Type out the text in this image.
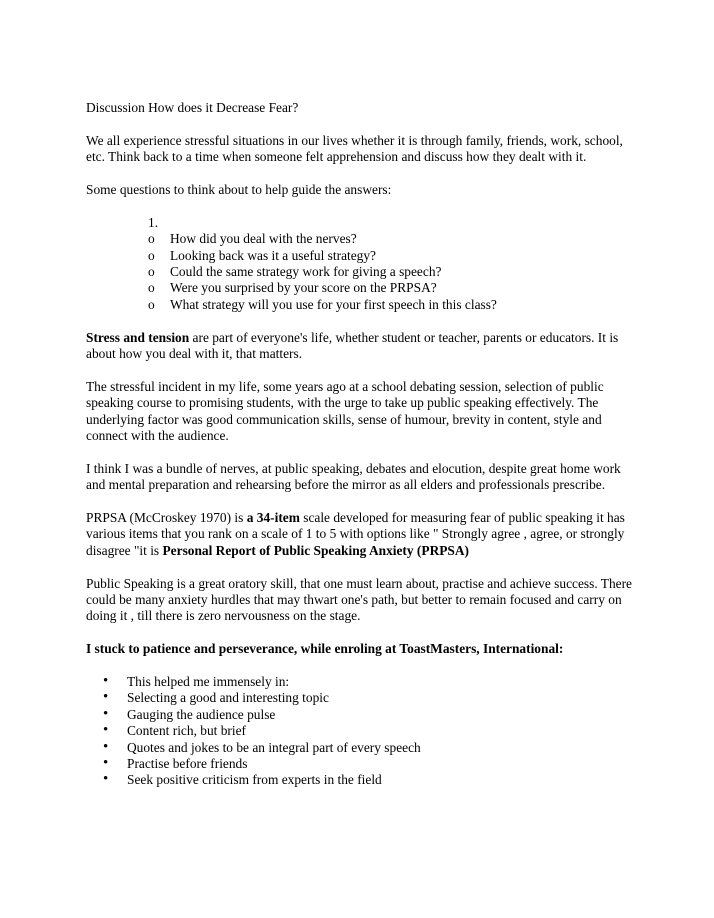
Discussion How does it Decrease Fear?

We all experience stressful situations in our lives whether it is through family, friends, work, school, etc. Think back to a time when someone felt apprehension and discuss how they dealt with it.

Some questions to think about to help guide the answers:

1.
o How did you deal with the nerves?
o Looking back was it a useful strategy?
o Could the same strategy work for giving a speech?
o Were you surprised by your score on the PRPSA?
o What strategy will you use for your first speech in this class?

Stress and tension are part of everyone's life, whether student or teacher, parents or educators. It is about how you deal with it, that matters.

The stressful incident in my life, some years ago at a school debating session, selection of public speaking course to promising students, with the urge to take up public speaking effectively. The underlying factor was good communication skills, sense of humour, brevity in content, style and connect with the audience.

I think I was a bundle of nerves, at public speaking, debates and elocution, despite great home work and mental preparation and rehearsing before the mirror as all elders and professionals prescribe.

PRPSA (McCroskey 1970) is a 34-item scale developed for measuring fear of public speaking it has various items that you rank on a scale of 1 to 5 with options like " Strongly agree , agree, or strongly disagree "it is Personal Report of Public Speaking Anxiety (PRPSA)

Public Speaking is a great oratory skill, that one must learn about, practise and achieve success. There could be many anxiety hurdles that may thwart one's path, but better to remain focused and carry on doing it , till there is zero nervousness on the stage.

I stuck to patience and perseverance, while enroling at ToastMasters, International:

• This helped me immensely in:
• Selecting a good and interesting topic
• Gauging the audience pulse
• Content rich, but brief
• Quotes and jokes to be an integral part of every speech
• Practise before friends
• Seek positive criticism from experts in the field
